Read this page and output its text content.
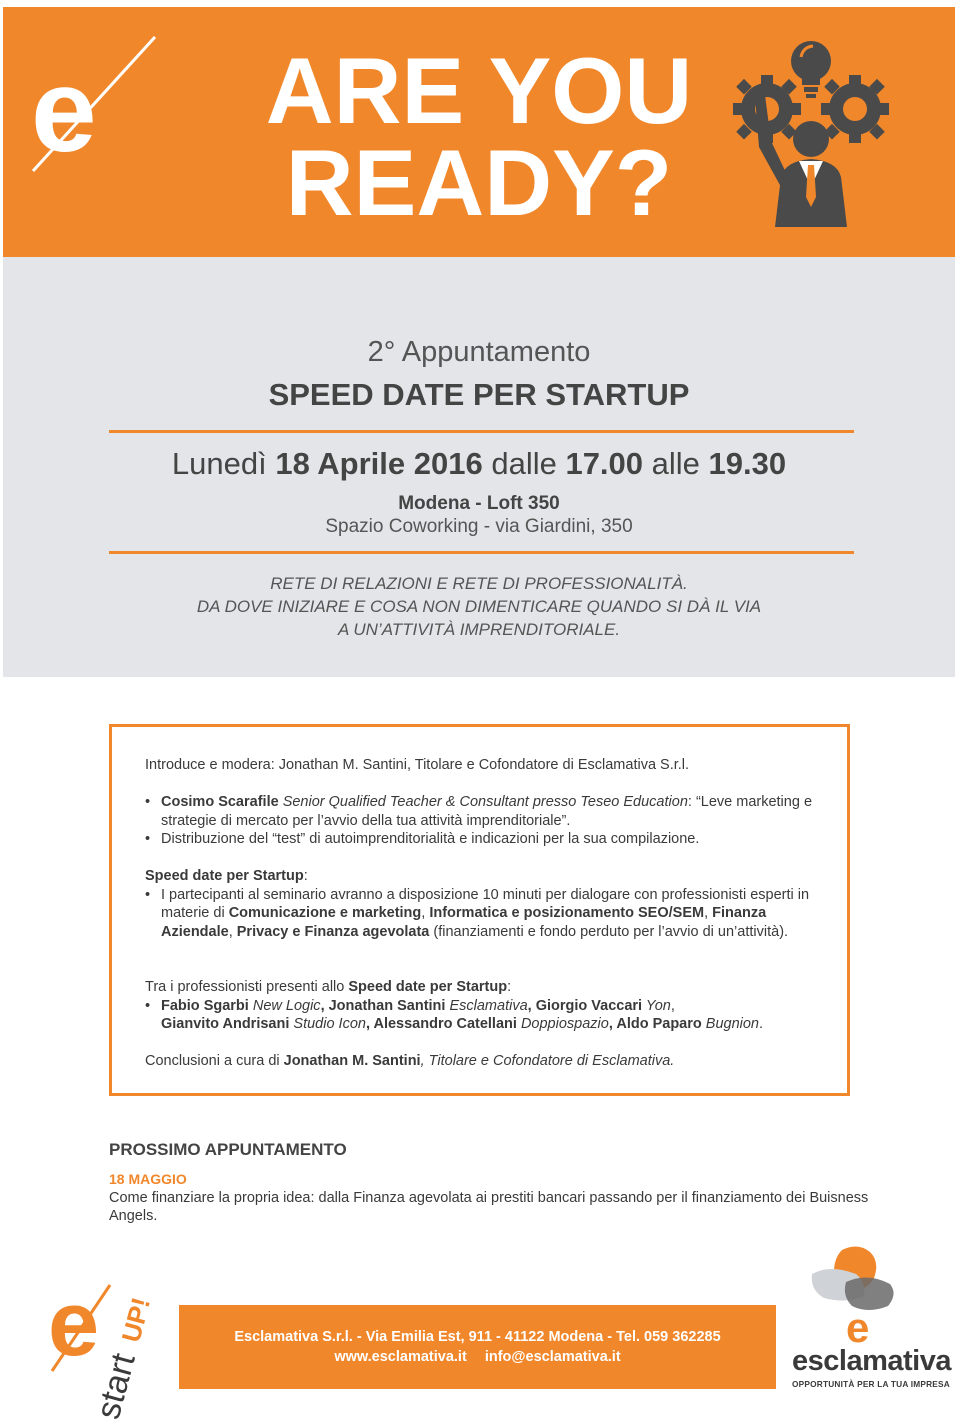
e	ARE YOU
READY?
2° Appuntamento
SPEED DATE PER STARTUP
Lunedì 18 Aprile 2016 dalle 17.00 alle 19.30
Modena - Loft 350
Spazio Coworking - via Giardini, 350
RETE DI RELAZIONI E RETE DI PROFESSIONALITÀ.
DA DOVE INIZIARE E COSA NON DIMENTICARE QUANDO SI DÀ IL VIA
A UN’ATTIVITÀ IMPRENDITORIALE.
Introduce e modera: Jonathan M. Santini, Titolare e Cofondatore di Esclamativa S.r.l.
• Cosimo Scarafile Senior Qualified Teacher & Consultant presso Teseo Education: “Leve marketing e strategie di mercato per l’avvio della tua attività imprenditoriale”.
• Distribuzione del “test” di autoimprenditorialità e indicazioni per la sua compilazione.
Speed date per Startup:
• I partecipanti al seminario avranno a disposizione 10 minuti per dialogare con professionisti esperti in materie di Comunicazione e marketing, Informatica e posizionamento SEO/SEM, Finanza Aziendale, Privacy e Finanza agevolata (finanziamenti e fondo perduto per l’avvio di un’attività).
Tra i professionisti presenti allo Speed date per Startup:
• Fabio Sgarbi New Logic, Jonathan Santini Esclamativa, Giorgio Vaccari Yon,
Gianvito Andrisani Studio Icon, Alessandro Catellani Doppiospazio, Aldo Paparo Bugnion.
Conclusioni a cura di Jonathan M. Santini, Titolare e Cofondatore di Esclamativa.
PROSSIMO APPUNTAMENTO
18 MAGGIO
Come finanziare la propria idea: dalla Finanza agevolata ai prestiti bancari passando per il finanziamento dei Buisness Angels.
e
start
UP!	Esclamativa S.r.l. - Via Emilia Est, 911 - 41122 Modena - Tel. 059 362285
www.esclamativa.it info@esclamativa.it
e
esclamativa
OPPORTUNITÀ PER LA TUA IMPRESA
